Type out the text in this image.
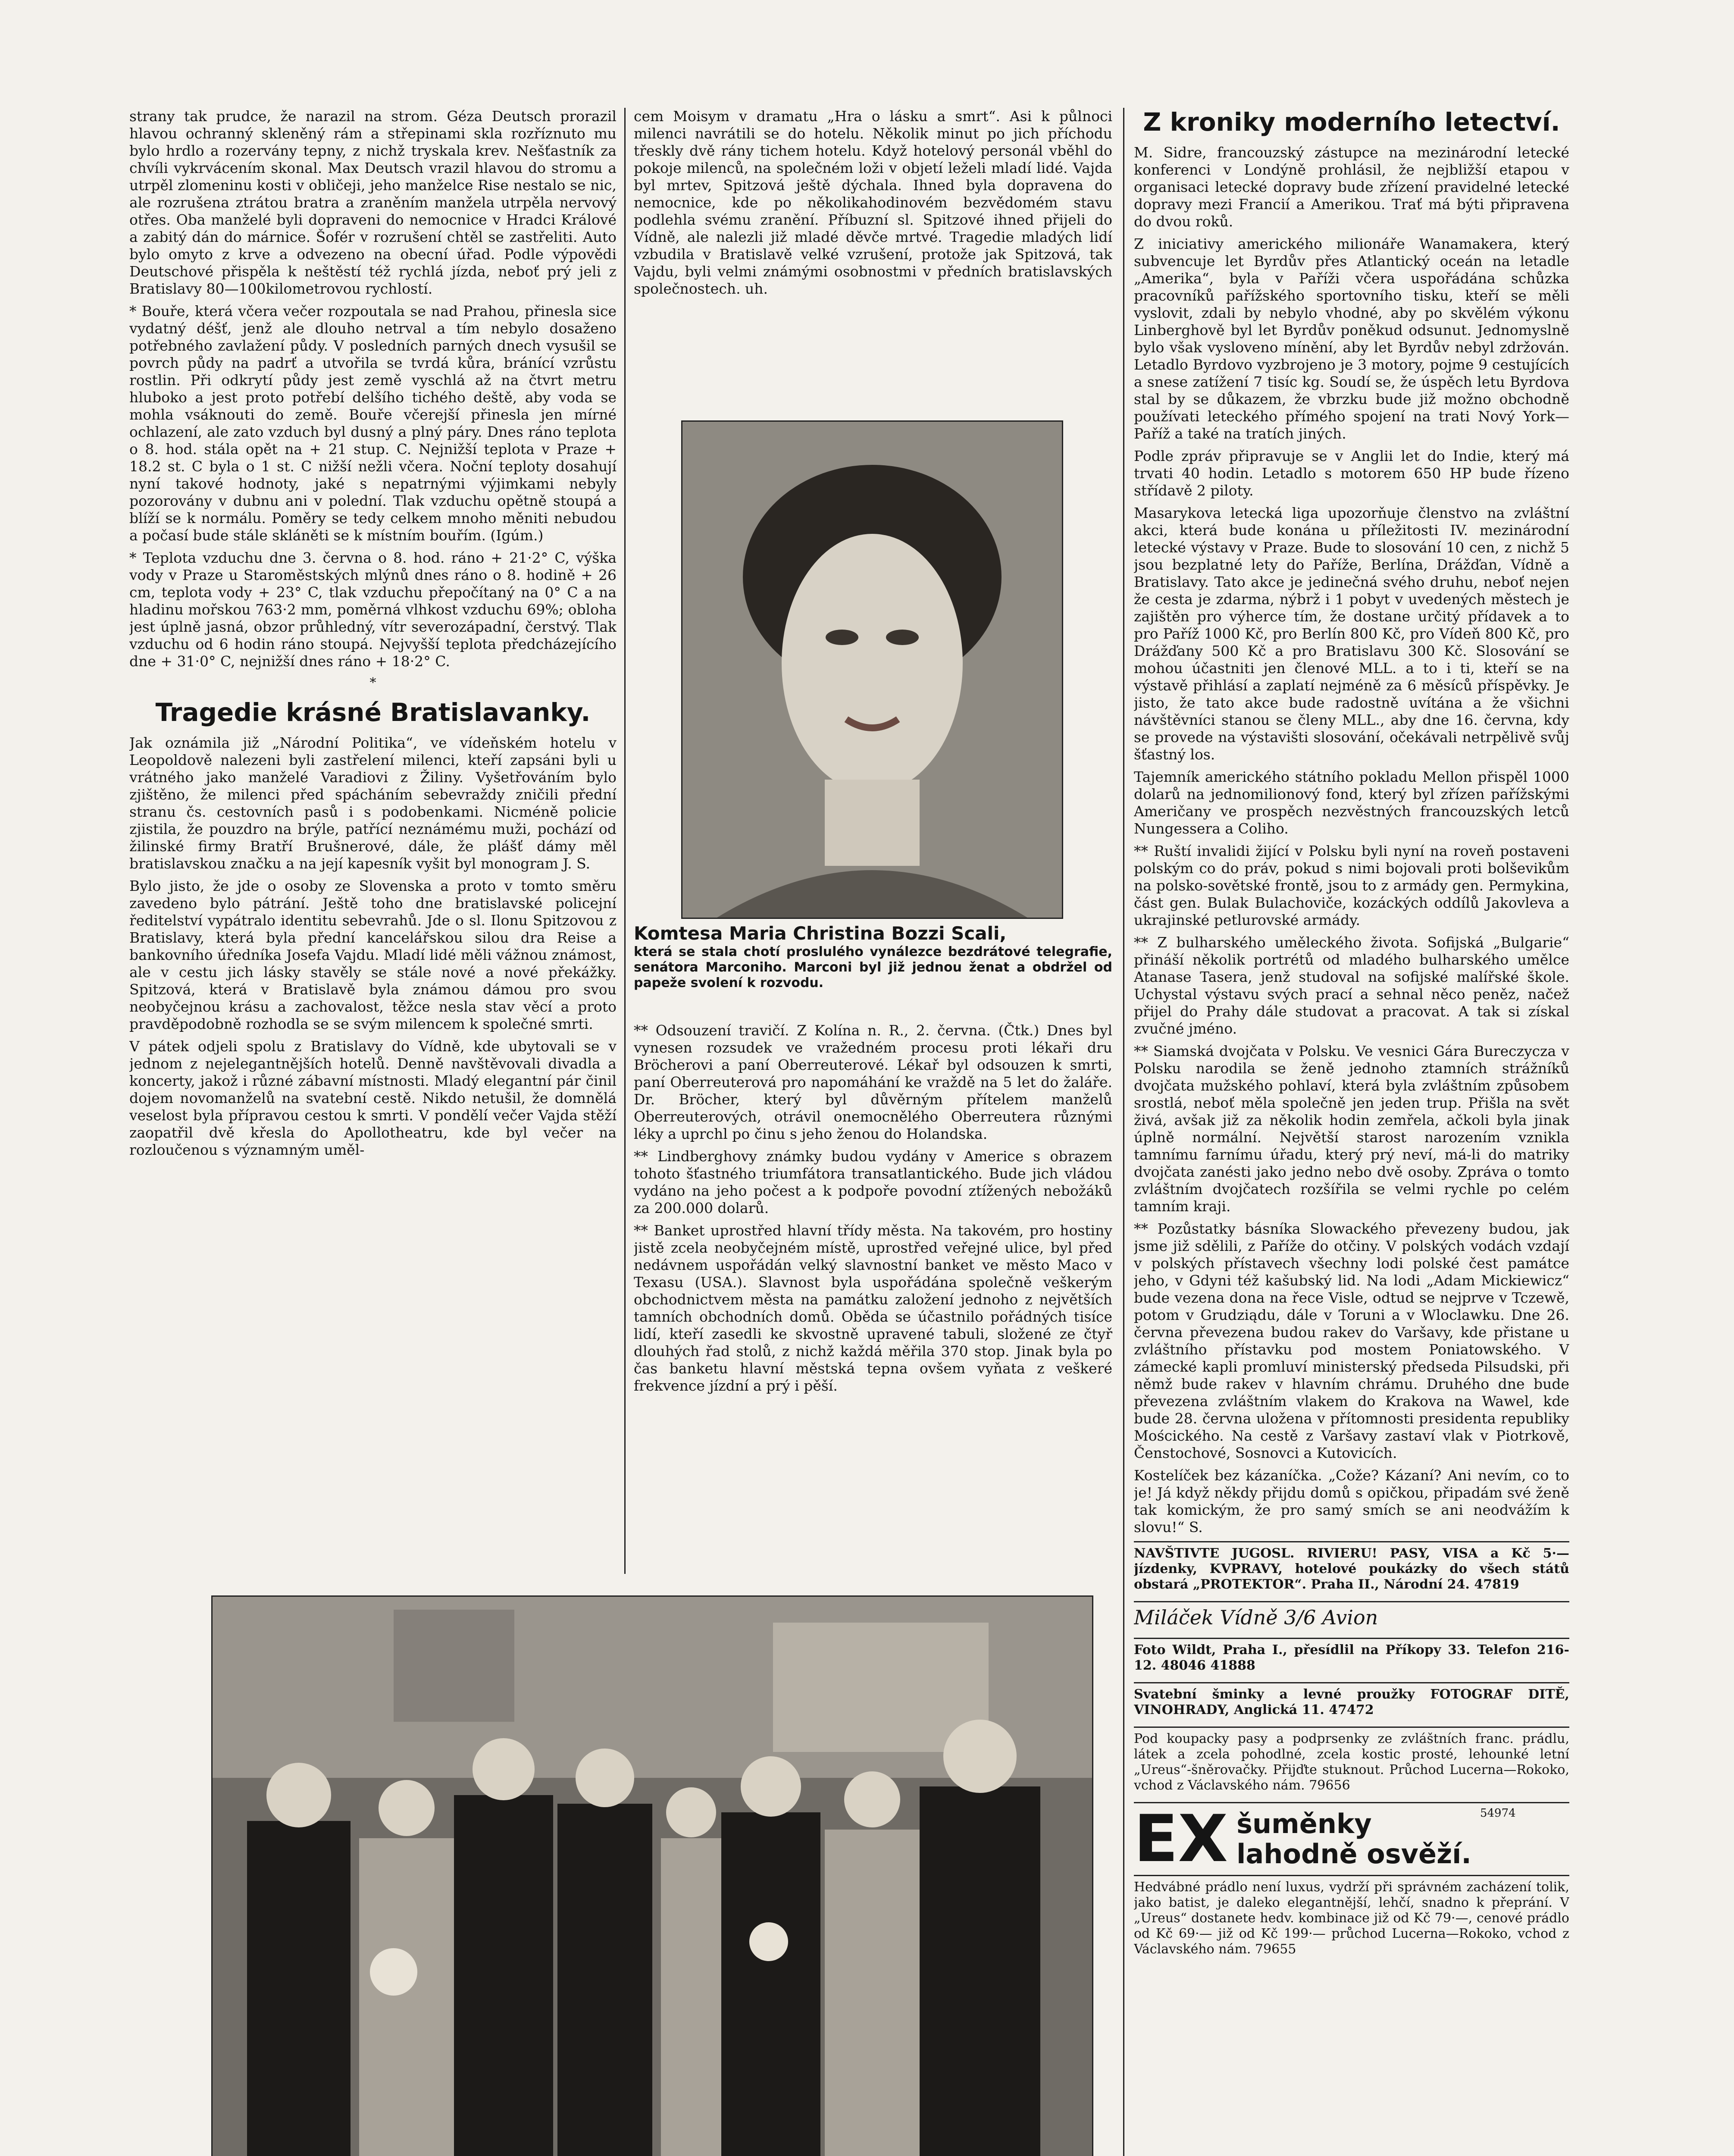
strany tak prudce, že narazil na strom. Géza Deutsch prorazil hlavou ochranný skleněný rám a střepinami skla rozříznuto mu bylo hrdlo a rozervány tepny, z nichž tryskala krev. Nešťastník za chvíli vykrvácením skonal. Max Deutsch vrazil hlavou do stromu a utrpěl zlomeninu kosti v obličeji, jeho manželce Rise nestalo se nic, ale rozrušena ztrátou bratra a zraněním manžela utrpěla nervový otřes. Oba manželé byli dopraveni do nemocnice v Hradci Králové a zabitý dán do márnice. Šofér v rozrušení chtěl se zastřeliti. Auto bylo omyto z krve a odvezeno na obecní úřad. Podle výpovědi Deutschové přispěla k neštěstí též rychlá jízda, neboť prý jeli z Bratislavy 80—100kilometrovou rychlostí.

* Bouře, která včera večer rozpoutala se nad Prahou, přinesla sice vydatný déšť, jenž ale dlouho netrval a tím nebylo dosaženo potřebného zavlažení půdy. V posledních parných dnech vysušil se povrch půdy na padrť a utvořila se tvrdá kůra, bránící vzrůstu rostlin. Při odkrytí půdy jest země vyschlá až na čtvrt metru hluboko a jest proto potřebí delšího tichého deště, aby voda se mohla vsáknouti do země. Bouře včerejší přinesla jen mírné ochlazení, ale zato vzduch byl dusný a plný páry. Dnes ráno teplota o 8. hod. stála opět na + 21 stup. C. Nejnižší teplota v Praze + 18.2 st. C byla o 1 st. C nižší nežli včera. Noční teploty dosahují nyní takové hodnoty, jaké s nepatrnými výjimkami nebyly pozorovány v dubnu ani v polední. Tlak vzduchu opětně stoupá a blíží se k normálu. Poměry se tedy celkem mnoho měniti nebudou a počasí bude stále skláněti se k místním bouřím. (Igúm.)

* Teplota vzduchu dne 3. června o 8. hod. ráno + 21·2° C, výška vody v Praze u Staroměstských mlýnů dnes ráno o 8. hodině + 26 cm, teplota vody + 23° C, tlak vzduchu přepočítaný na 0° C a na hladinu mořskou 763·2 mm, poměrná vlhkost vzduchu 69%; obloha jest úplně jasná, obzor průhledný, vítr severozápadní, čerstvý. Tlak vzduchu od 6 hodin ráno stoupá. Nejvyšší teplota předcházejícího dne + 31·0° C, nejnižší dnes ráno + 18·2° C.

*
Tragedie krásné Bratislavanky.

Jak oznámila již „Národní Politika“, ve vídeňském hotelu v Leopoldově nalezeni byli zastřelení milenci, kteří zapsáni byli u vrátného jako manželé Varadiovi z Žiliny. Vyšetřováním bylo zjištěno, že milenci před spácháním sebevraždy zničili přední stranu čs. cestovních pasů i s podobenkami. Nicméně policie zjistila, že pouzdro na brýle, patřící neznámému muži, pochází od žilinské firmy Bratří Brušnerové, dále, že plášť dámy měl bratislavskou značku a na její kapesník vyšit byl monogram J. S.

Bylo jisto, že jde o osoby ze Slovenska a proto v tomto směru zavedeno bylo pátrání. Ještě toho dne bratislavské policejní ředitelství vypátralo identitu sebevrahů. Jde o sl. Ilonu Spitzovou z Bratislavy, která byla přední kancelářskou silou dra Reise a bankovního úředníka Josefa Vajdu. Mladí lidé měli vážnou známost, ale v cestu jich lásky stavěly se stále nové a nové překážky. Spitzová, která v Bratislavě byla známou dámou pro svou neobyčejnou krásu a zachovalost, těžce nesla stav věcí a proto pravděpodobně rozhodla se se svým milencem k společné smrti.

V pátek odjeli spolu z Bratislavy do Vídně, kde ubytovali se v jednom z nejelegantnějších hotelů. Denně navštěvovali divadla a koncerty, jakož i různé zábavní místnosti. Mladý elegantní pár činil dojem novomanželů na svatební cestě. Nikdo netušil, že domnělá veselost byla přípravou cestou k smrti. V pondělí večer Vajda stěží zaopatřil dvě křesla do Apollotheatru, kde byl večer na rozloučenou s významným uměl-

cem Moisym v dramatu „Hra o lásku a smrt“. Asi k půlnoci milenci navrátili se do hotelu. Několik minut po jich příchodu třeskly dvě rány tichem hotelu. Když hotelový personál vběhl do pokoje milenců, na společném loži v objetí leželi mladí lidé. Vajda byl mrtev, Spitzová ještě dýchala. Ihned byla dopravena do nemocnice, kde po několikahodinovém bezvědomém stavu podlehla svému zranění. Příbuzní sl. Spitzové ihned přijeli do Vídně, ale nalezli již mladé děvče mrtvé. Tragedie mladých lidí vzbudila v Bratislavě velké vzrušení, protože jak Spitzová, tak Vajdu, byli velmi známými osobnostmi v předních bratislavských společnostech. uh.

Komtesa Maria Christina Bozzi Scali,

která se stala chotí proslulého vynálezce bezdrátové telegrafie, senátora Marconiho. Marconi byl již jednou ženat a obdržel od papeže svolení k rozvodu.

** Odsouzení travičí. Z Kolína n. R., 2. června. (Čtk.) Dnes byl vynesen rozsudek ve vražedném procesu proti lékaři dru Bröcherovi a paní Oberreuterové. Lékař byl odsouzen k smrti, paní Oberreuterová pro napomáhání ke vraždě na 5 let do žaláře. Dr. Bröcher, který byl důvěrným přítelem manželů Oberreuterových, otrávil onemocnělého Oberreutera různými léky a uprchl po činu s jeho ženou do Holandska.

** Lindberghovy známky budou vydány v Americe s obrazem tohoto šťastného triumfátora transatlantického. Bude jich vládou vydáno na jeho počest a k podpoře povodní ztížených nebožáků za 200.000 dolarů.

** Banket uprostřed hlavní třídy města. Na takovém, pro hostiny jistě zcela neobyčejném místě, uprostřed veřejné ulice, byl před nedávnem uspořádán velký slavnostní banket ve město Maco v Texasu (USA.). Slavnost byla uspořádána společně veškerým obchodnictvem města na památku založení jednoho z největších tamních obchodních domů. Oběda se účastnilo pořádných tisíce lidí, kteří zasedli ke skvostně upravené tabuli, složené ze čtyř dlouhých řad stolů, z nichž každá měřila 370 stop. Jinak byla po čas banketu hlavní městská tepna ovšem vyňata z veškeré frekvence jízdní a prý i pěší.

Z kroniky moderního letectví.

M. Sidre, francouzský zástupce na mezinárodní letecké konferenci v Londýně prohlásil, že nejbližší etapou v organisaci letecké dopravy bude zřízení pravidelné letecké dopravy mezi Francií a Amerikou. Trať má býti připravena do dvou roků.

Z iniciativy amerického milionáře Wanamakera, který subvencuje let Byrdův přes Atlantický oceán na letadle „Amerika“, byla v Paříži včera uspořádána schůzka pracovníků pařížského sportovního tisku, kteří se měli vyslovit, zdali by nebylo vhodné, aby po skvělém výkonu Linberghově byl let Byrdův poněkud odsunut. Jednomyslně bylo však vysloveno mínění, aby let Byrdův nebyl zdržován. Letadlo Byrdovo vyzbrojeno je 3 motory, pojme 9 cestujících a snese zatížení 7 tisíc kg. Soudí se, že úspěch letu Byrdova stal by se důkazem, že vbrzku bude již možno obchodně používati leteckého přímého spojení na trati Nový York—Paříž a také na tratích jiných.

Podle zpráv připravuje se v Anglii let do Indie, který má trvati 40 hodin. Letadlo s motorem 650 HP bude řízeno střídavě 2 piloty.

Masarykova letecká liga upozorňuje členstvo na zvláštní akci, která bude konána u příležitosti IV. mezinárodní letecké výstavy v Praze. Bude to slosování 10 cen, z nichž 5 jsou bezplatné lety do Paříže, Berlína, Drážďan, Vídně a Bratislavy. Tato akce je jedinečná svého druhu, neboť nejen že cesta je zdarma, nýbrž i 1 pobyt v uvedených městech je zajištěn pro výherce tím, že dostane určitý přídavek a to pro Paříž 1000 Kč, pro Berlín 800 Kč, pro Vídeň 800 Kč, pro Drážďany 500 Kč a pro Bratislavu 300 Kč. Slosování se mohou účastniti jen členové MLL. a to i ti, kteří se na výstavě přihlásí a zaplatí nejméně za 6 měsíců příspěvky. Je jisto, že tato akce bude radostně uvítána a že všichni návštěvníci stanou se členy MLL., aby dne 16. června, kdy se provede na výstavišti slosování, očekávali netrpělivě svůj šťastný los.

Tajemník amerického státního pokladu Mellon přispěl 1000 dolarů na jednomilionový fond, který byl zřízen pařížskými Američany ve prospěch nezvěstných francouzských letců Nungessera a Coliho.

** Ruští invalidi žijící v Polsku byli nyní na roveň postaveni polským co do práv, pokud s nimi bojovali proti bolševikům na polsko-sovětské frontě, jsou to z armády gen. Permykina, část gen. Bulak Bulachoviče, kozáckých oddílů Jakovleva a ukrajinské petlurovské armády.

** Z bulharského uměleckého života. Sofijská „Bulgarie“ přináší několik portrétů od mladého bulharského umělce Atanase Tasera, jenž studoval na sofijské malířské škole. Uchystal výstavu svých prací a sehnal něco peněz, načež přijel do Prahy dále studovat a pracovat. A tak si získal zvučné jméno.

** Siamská dvojčata v Polsku. Ve vesnici Gára Bureczycza v Polsku narodila se ženě jednoho ztamních strážníků dvojčata mužského pohlaví, která byla zvláštním způsobem srostlá, neboť měla společně jen jeden trup. Přišla na svět živá, avšak již za několik hodin zemřela, ačkoli byla jinak úplně normální. Největší starost narozením vznikla tamnímu farnímu úřadu, který prý neví, má-li do matriky dvojčata zanésti jako jedno nebo dvě osoby. Zpráva o tomto zvláštním dvojčatech rozšířila se velmi rychle po celém tamním kraji.

** Pozůstatky básníka Slowackého převezeny budou, jak jsme již sdělili, z Paříže do otčiny. V polských vodách vzdají v polských přístavech všechny lodi polské čest památce jeho, v Gdyni též kašubský lid. Na lodi „Adam Mickiewicz“ bude vezena dona na řece Visle, odtud se nejprve v Tczewě, potom v Grudziądu, dále v Toruni a v Wloclawku. Dne 26. června převezena budou rakev do Varšavy, kde přistane u zvláštního přístavku pod mostem Poniatowského. V zámecké kapli promluví ministerský předseda Pilsudski, při němž bude rakev v hlavním chrámu. Druhého dne bude převezena zvláštním vlakem do Krakova na Wawel, kde bude 28. června uložena v přítomnosti presidenta republiky Moścického. Na cestě z Varšavy zastaví vlak v Piotrkově, Čenstochové, Sosnovci a Kutovicích.

Kostelíček bez kázaníčka. „Cože? Kázaní? Ani nevím, co to je! Já když někdy přijdu domů s opičkou, připadám své ženě tak komickým, že pro samý smích se ani neodvážím k slovu!“ S.

NAVŠTIVTE JUGOSL. RIVIERU! PASY, VISA a Kč 5·— jízdenky, KVPRAVY, hotelové poukázky do všech států obstará „PROTEKTOR“. Praha II., Národní 24. 47819

Miláček Vídně 3/6 Avion

Foto Wildt, Praha I., přesídlil na Příkopy 33. Telefon 216-12. 48046 41888

Svatební šminky a levné proužky FOTOGRAF DITĚ, VINOHRADY, Anglická 11. 47472

Pod koupacky pasy a podprsenky ze zvláštních franc. prádlu, látek a zcela pohodlné, zcela kostic prosté, lehounké letní „Ureus“-šněrovačky. Přijďte stuknout. Průchod Lucerna—Rokoko, vchod z Václavského nám. 79656

EX šuměnky
lahodně osvěží.
54974

Hedvábné prádlo není luxus, vydrží při správném zacházení tolik, jako batist, je daleko elegantnější, lehčí, snadno k přeprání. V „Ureus“ dostanete hedv. kombinace již od Kč 79·—, cenové prádlo od Kč 69·— již od Kč 199·— průchod Lucerna—Rokoko, vchod z Václavského nám. 79655
